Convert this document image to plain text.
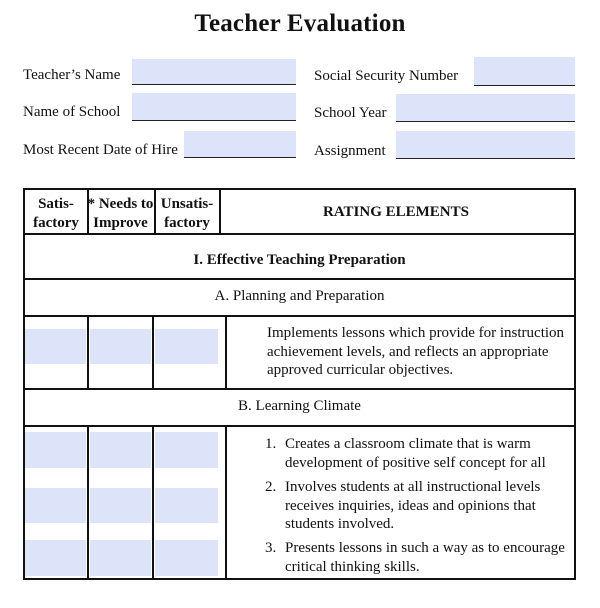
Teacher Evaluation
Teacher’s Name
Name of School
Most Recent Date of Hire
Social Security Number
School Year
Assignment
Satis-
factory
* Needs to
Improve
Unsatis-
factory
RATING ELEMENTS
I. Effective Teaching Preparation
A. Planning and Preparation
Implements lessons which provide for instruction achievement levels, and reflects an appropriate approved curricular objectives.
B. Learning Climate
1. Creates a classroom climate that is warm development of positive self concept for all
2. Involves students at all instructional levels receives inquiries, ideas and opinions that students involved.
3. Presents lessons in such a way as to encourage critical thinking skills.
